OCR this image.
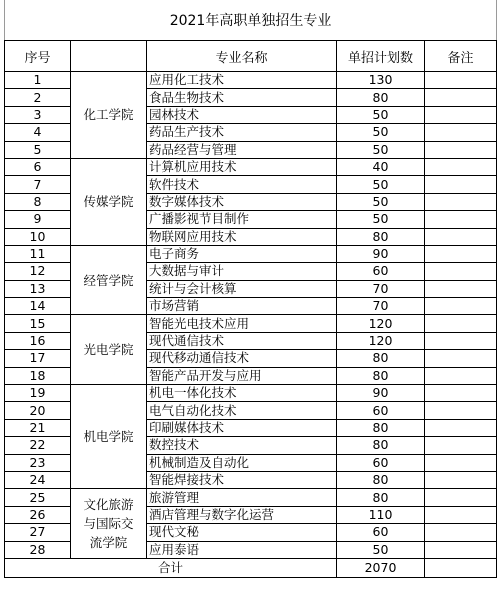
2021年高职单独招生专业				
序号		专业名称	单招计划数	备注
1	化工学院	应用化工技术	130	
2		食品生物技术	80	
3		园林技术	50	
4		药品生产技术	50	
5		药品经营与管理	50	
6	传媒学院	计算机应用技术	40	
7		软件技术	50	
8		数字媒体技术	50	
9		广播影视节目制作	50	
10		物联网应用技术	80	
11	经管学院	电子商务	90	
12		大数据与审计	60	
13		统计与会计核算	70	
14		市场营销	70	
15	光电学院	智能光电技术应用	120	
16		现代通信技术	120	
17		现代移动通信技术	80	
18		智能产品开发与应用	80	
19	机电学院	机电一体化技术	90	
20		电气自动化技术	60	
21		印刷媒体技术	80	
22		数控技术	80	
23		机械制造及自动化	60	
24		智能焊接技术	80	
25	文化旅游与国际交流学院	旅游管理	80	
26		酒店管理与数字化运营	110	
27		现代文秘	60	
28		应用泰语	50	
合计			2070	
